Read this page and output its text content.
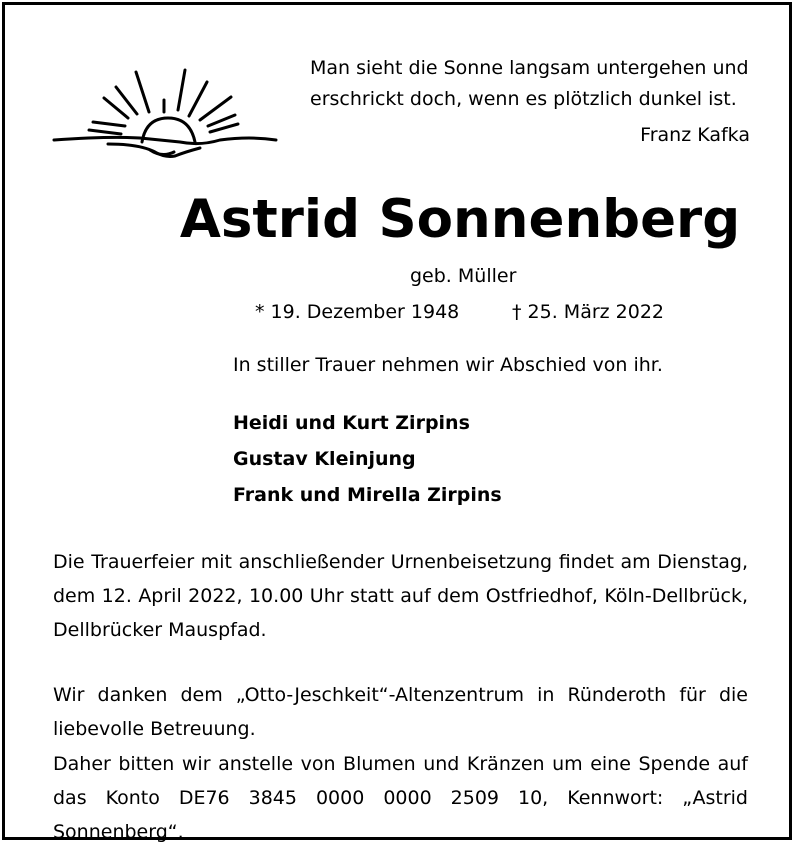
Man sieht die Sonne langsam untergehen und

erschrickt doch, wenn es plötzlich dunkel ist.

Franz Kafka

Astrid Sonnenberg

geb. Müller

* 19. Dezember 1948	† 25. März 2022

In stiller Trauer nehmen wir Abschied von ihr.

Heidi und Kurt Zirpins

Gustav Kleinjung

Frank und Mirella Zirpins

Die Trauerfeier mit anschließender Urnenbeisetzung findet am Dienstag, dem 12. April 2022, 10.00 Uhr statt auf dem Ostfriedhof, Köln-Dellbrück, Dellbrücker Mauspfad.

Wir danken dem „Otto-Jeschkeit“-Altenzentrum in Ründeroth für die liebevolle Betreuung.

Daher bitten wir anstelle von Blumen und Kränzen um eine Spende auf das Konto DE76 3845 0000 0000 2509 10, Kennwort: „Astrid Sonnenberg“.
